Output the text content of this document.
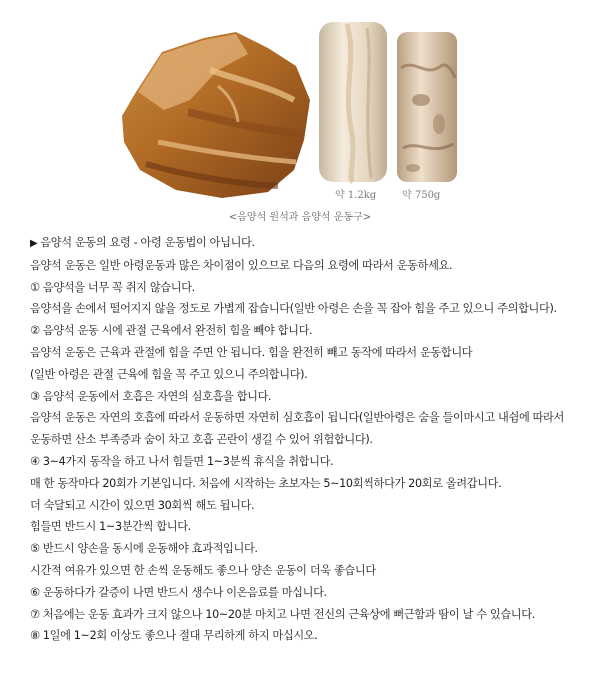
약 1.2kg	약 750g
<음양석 원석과 음양석 운동구>

▶ 음양석 운동의 요령 - 아령 운동법이 아닙니다.

음양석 운동은 일반 아령운동과 많은 차이점이 있으므로 다음의 요령에 따라서 운동하세요.

① 음양석을 너무 꼭 쥐지 않습니다.

음양석을 손에서 떨어지지 않을 정도로 가볍게 잡습니다(일반 아령은 손을 꼭 잡아 힘을 주고 있으니 주의합니다).

② 음양석 운동 시에 관절 근육에서 완전히 힘을 빼야 합니다.

음양석 운동은 근육과 관절에 힘을 주면 안 됩니다. 힘을 완전히 빼고 동작에 따라서 운동합니다

(일반 아령은 관절 근육에 힘을 꼭 주고 있으니 주의합니다).

③ 음양석 운동에서 호흡은 자연의 심호흡을 합니다.

음양석 운동은 자연의 호흡에 따라서 운동하면 자연히 심호흡이 됩니다(일반아령은 숨을 들이마시고 내쉼에 따라서

운동하면 산소 부족증과 숨이 차고 호흡 곤란이 생길 수 있어 위험합니다).

④ 3~4가지 동작을 하고 나서 힘들면 1~3분씩 휴식을 취합니다.

매 한 동작마다 20회가 기본입니다. 처음에 시작하는 초보자는 5~10회씩하다가 20회로 올려갑니다.

더 숙달되고 시간이 있으면 30회씩 해도 됩니다.

힘들면 반드시 1~3분간씩 합니다.

⑤ 반드시 양손을 동시에 운동해야 효과적입니다.

시간적 여유가 있으면 한 손씩 운동해도 좋으나 양손 운동이 더욱 좋습니다

⑥ 운동하다가 갈증이 나면 반드시 생수나 이온음료를 마십니다.

⑦ 처음에는 운동 효과가 크지 않으나 10~20분 마치고 나면 전신의 근육상에 뻐근함과 땀이 날 수 있습니다.

⑧ 1일에 1~2회 이상도 좋으나 절대 무리하게 하지 마십시오.
